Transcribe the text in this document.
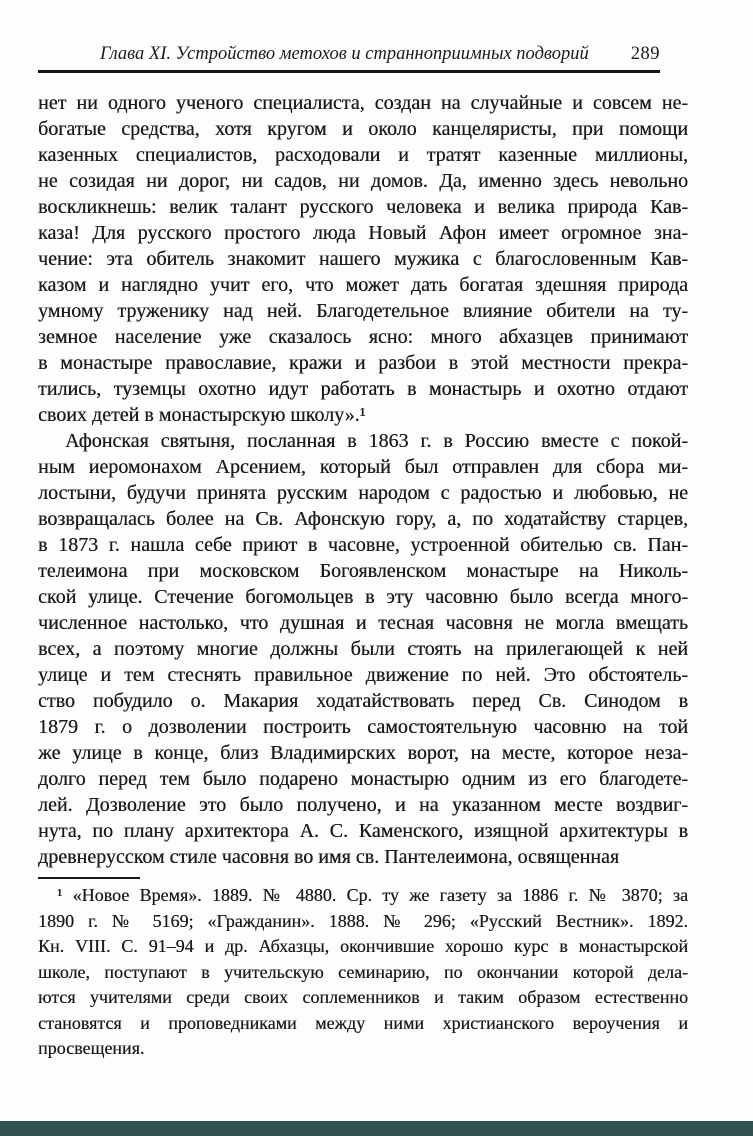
Глава XI. Устройство метохов и странноприимных подворий	289
нет ни одного ученого специалиста, создан на случайные и совсем не-
богатые средства, хотя кругом и около канцеляристы, при помощи
казенных специалистов, расходовали и тратят казенные миллионы,
не созидая ни дорог, ни садов, ни домов. Да, именно здесь невольно
воскликнешь: велик талант русского человека и велика природа Кав-
каза! Для русского простого люда Новый Афон имеет огромное зна-
чение: эта обитель знакомит нашего мужика с благословенным Кав-
казом и наглядно учит его, что может дать богатая здешняя природа
умному труженику над ней. Благодетельное влияние обители на ту-
земное население уже сказалось ясно: много абхазцев принимают
в монастыре православие, кражи и разбои в этой местности прекра-
тились, туземцы охотно идут работать в монастырь и охотно отдают
своих детей в монастырскую школу».¹
Афонская святыня, посланная в 1863 г. в Россию вместе с покой-
ным иеромонахом Арсением, который был отправлен для сбора ми-
лостыни, будучи принята русским народом с радостью и любовью, не
возвращалась более на Св. Афонскую гору, а, по ходатайству старцев,
в 1873 г. нашла себе приют в часовне, устроенной обителью св. Пан-
телеимона при московском Богоявленском монастыре на Николь-
ской улице. Стечение богомольцев в эту часовню было всегда много-
численное настолько, что душная и тесная часовня не могла вмещать
всех, а поэтому многие должны были стоять на прилегающей к ней
улице и тем стеснять правильное движение по ней. Это обстоятель-
ство побудило о. Макария ходатайствовать перед Св. Синодом в
1879 г. о дозволении построить самостоятельную часовню на той
же улице в конце, близ Владимирских ворот, на месте, которое неза-
долго перед тем было подарено монастырю одним из его благодете-
лей. Дозволение это было получено, и на указанном месте воздвиг-
нута, по плану архитектора А. С. Каменского, изящной архитектуры в
древнерусском стиле часовня во имя св. Пантелеимона, освященная
¹ «Новое Время». 1889. № 4880. Ср. ту же газету за 1886 г. № 3870; за
1890 г. № 5169; «Гражданин». 1888. № 296; «Русский Вестник». 1892.
Кн. VIII. С. 91–94 и др. Абхазцы, окончившие хорошо курс в монастырской
школе, поступают в учительскую семинарию, по окончании которой дела-
ются учителями среди своих соплеменников и таким образом естественно
становятся и проповедниками между ними христианского вероучения и
просвещения.
